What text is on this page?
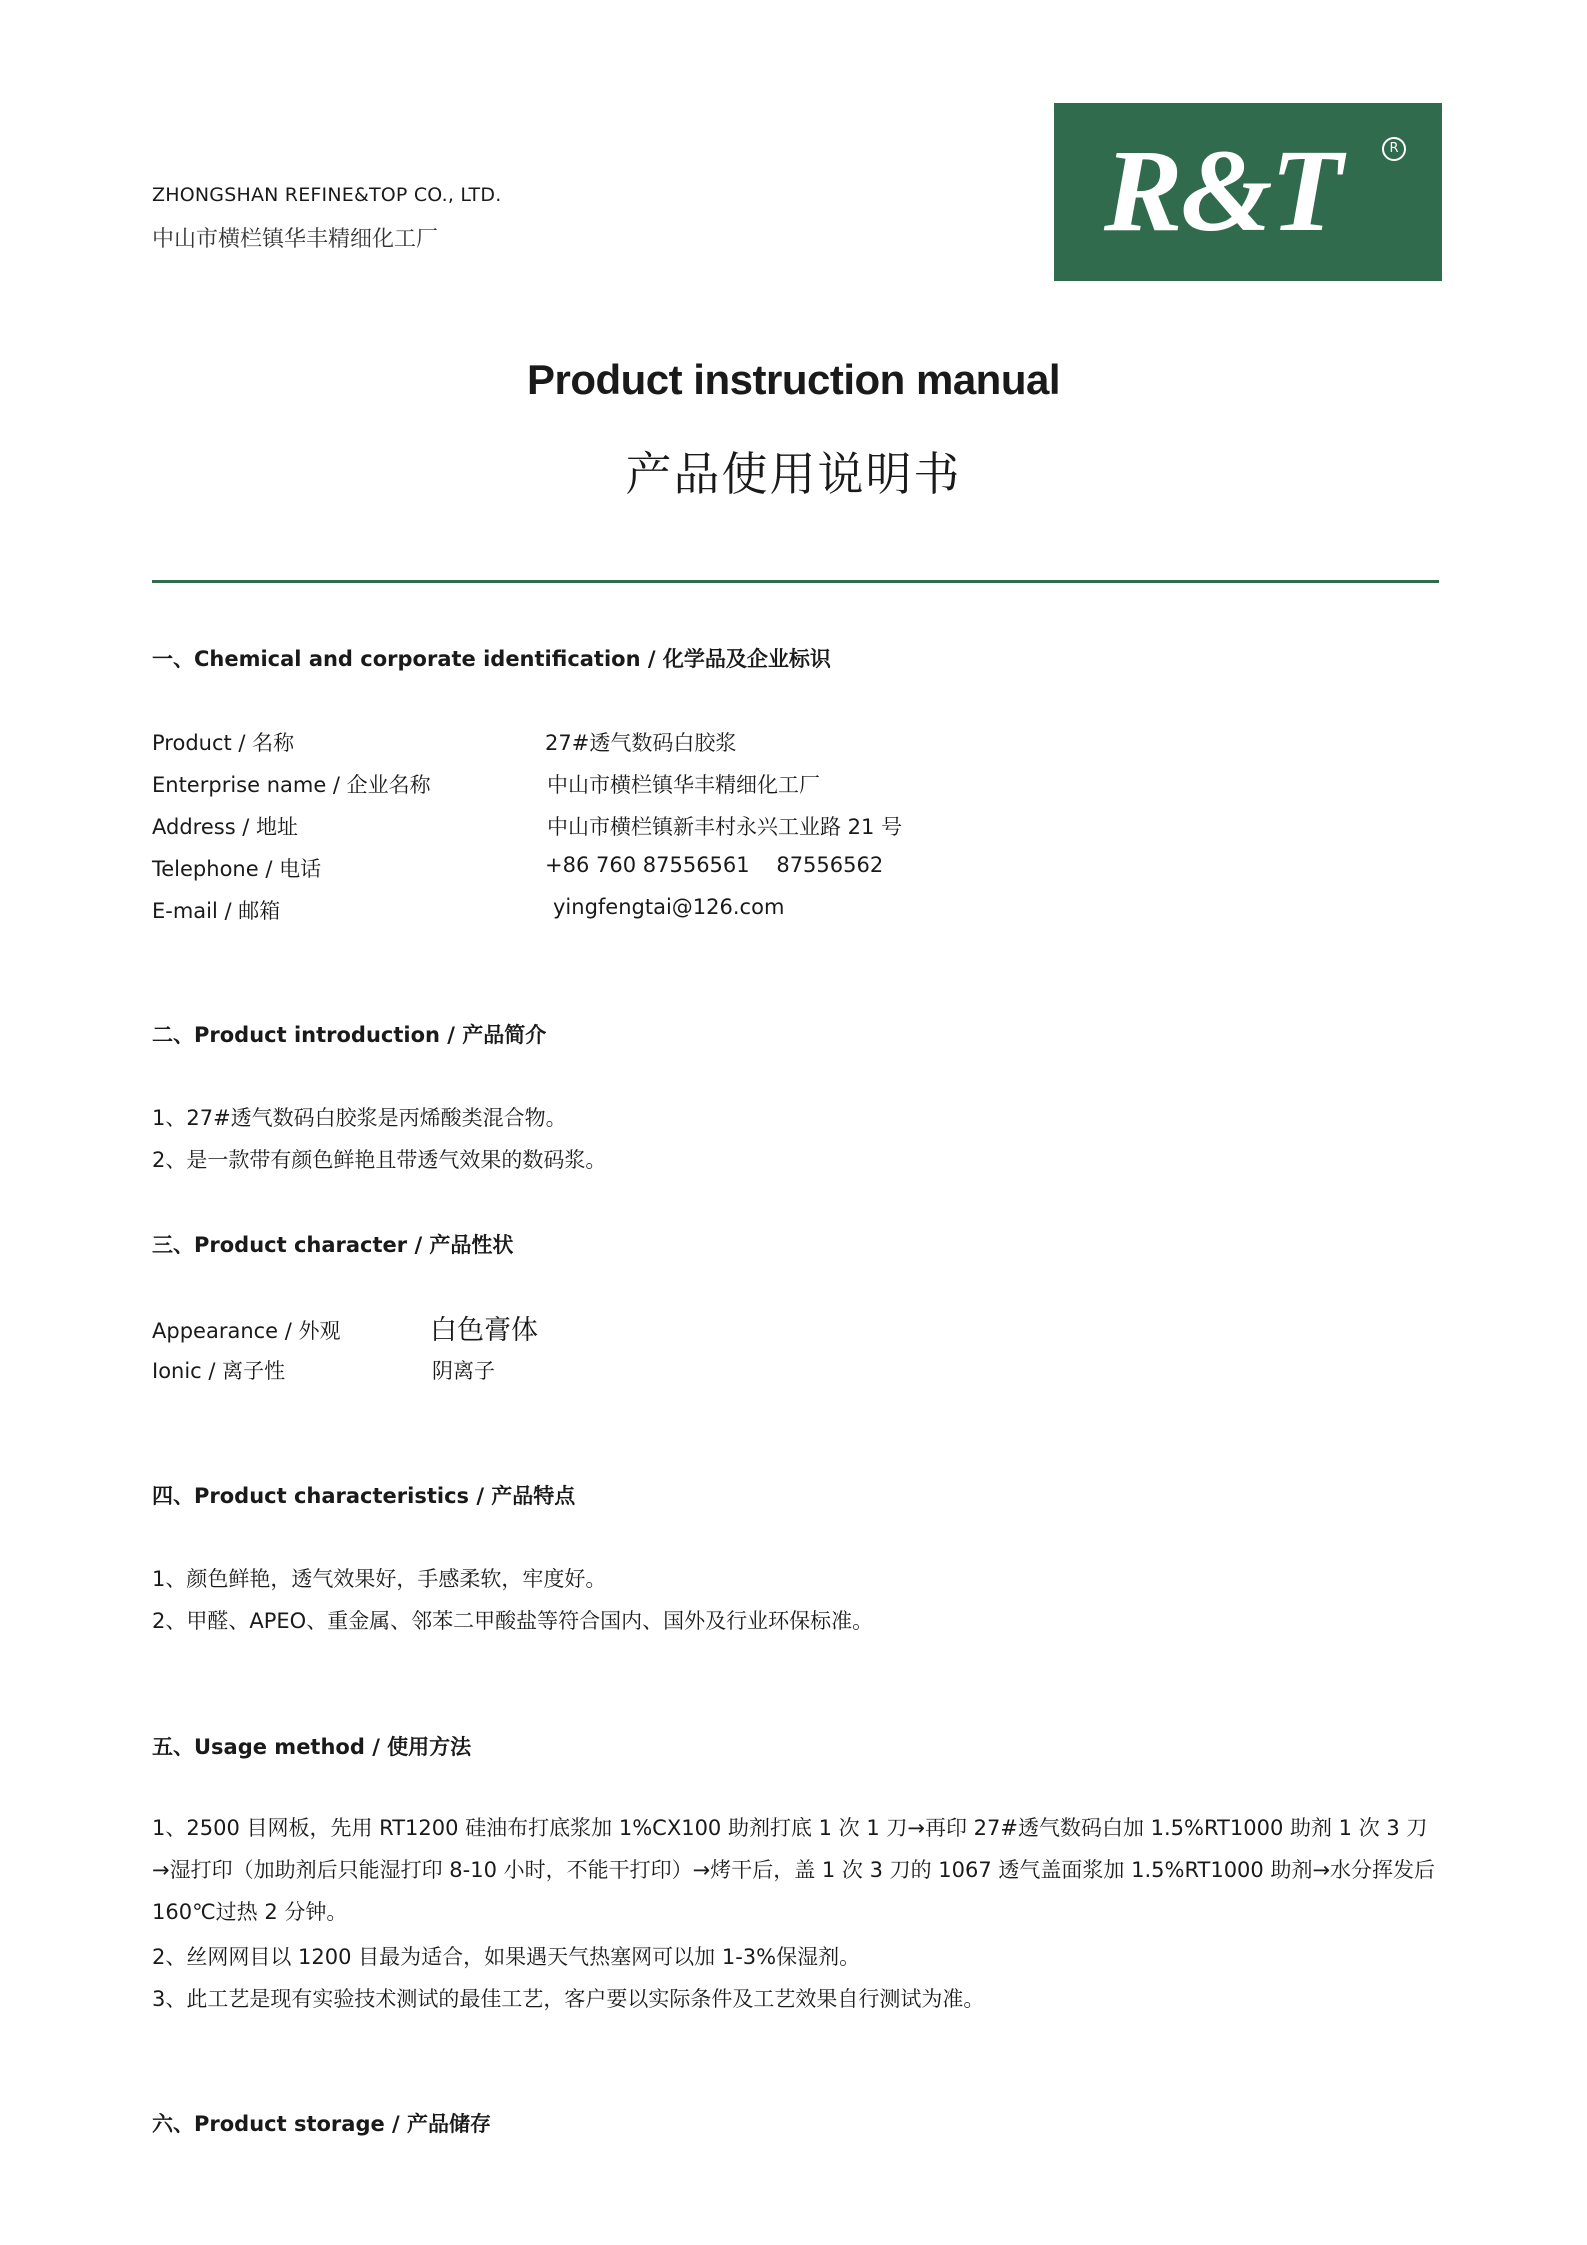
ZHONGSHAN REFINE&TOP CO., LTD.
中山市横栏镇华丰精细化工厂	R&T	R
Product instruction manual
产品使用说明书
一、Chemical and corporate identification / 化学品及企业标识
Product / 名称	27#透气数码白胶浆
Enterprise name / 企业名称	中山市横栏镇华丰精细化工厂
Address / 地址	中山市横栏镇新丰村永兴工业路 21 号
Telephone / 电话	+86 760 87556561    87556562
E-mail / 邮箱	yingfengtai@126.com
二、Product introduction / 产品简介
1、27#透气数码白胶浆是丙烯酸类混合物。
2、是一款带有颜色鲜艳且带透气效果的数码浆。
三、Product character / 产品性状
Appearance / 外观	白色膏体
Ionic / 离子性	阴离子
四、Product characteristics / 产品特点
1、颜色鲜艳，透气效果好，手感柔软，牢度好。
2、甲醛、APEO、重金属、邻苯二甲酸盐等符合国内、国外及行业环保标准。
五、Usage method / 使用方法
1、2500 目网板，先用 RT1200 硅油布打底浆加 1%CX100 助剂打底 1 次 1 刀→再印 27#透气数码白加 1.5%RT1000 助剂 1 次 3 刀→湿打印（加助剂后只能湿打印 8-10 小时，不能干打印）→烤干后，盖 1 次 3 刀的 1067 透气盖面浆加 1.5%RT1000 助剂→水分挥发后 160℃过热 2 分钟。
2、丝网网目以 1200 目最为适合，如果遇天气热塞网可以加 1-3%保湿剂。
3、此工艺是现有实验技术测试的最佳工艺，客户要以实际条件及工艺效果自行测试为准。
六、Product storage / 产品储存
